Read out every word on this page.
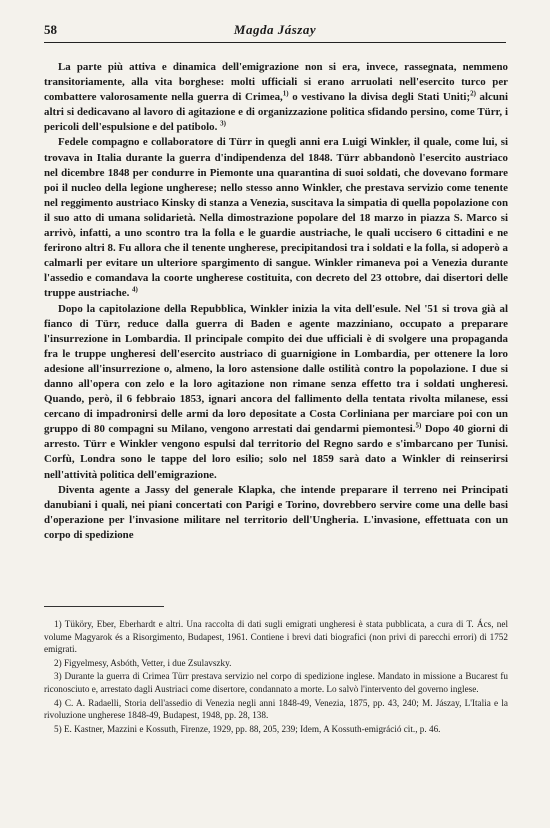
58	Magda Jászay

La parte più attiva e dinamica dell'emigrazione non si era, invece, rassegnata, nemmeno transitoriamente, alla vita borghese: molti ufficiali si erano arruolati nell'esercito turco per combattere valorosamente nella guerra di Crimea,$^{1)}$ o vestivano la divisa degli Stati Uniti;$^{2)}$ alcuni altri si dedicavano al lavoro di agitazione e di organizzazione politica sfidando persino, come Türr, i pericoli dell'espulsione e del patibolo. $^{3)}$

Fedele compagno e collaboratore di Türr in quegli anni era Luigi Winkler, il quale, come lui, si trovava in Italia durante la guerra d'indipendenza del 1848. Türr abbandonò l'esercito austriaco nel dicembre 1848 per condurre in Piemonte una quarantina di suoi soldati, che dovevano formare poi il nucleo della legione ungherese; nello stesso anno Winkler, che prestava servizio come tenente nel reggimento austriaco Kinsky di stanza a Venezia, suscitava la simpatia di quella popolazione con il suo atto di umana solidarietà. Nella dimostrazione popolare del 18 marzo in piazza S. Marco si arrivò, infatti, a uno scontro tra la folla e le guardie austriache, le quali uccisero 6 cittadini e ne ferirono altri 8. Fu allora che il tenente ungherese, precipitandosi tra i soldati e la folla, si adoperò a calmarli per evitare un ulteriore spargimento di sangue. Winkler rimaneva poi a Venezia durante l'assedio e comandava la coorte ungherese costituita, con decreto del 23 ottobre, dai disertori delle truppe austriache. $^{4)}$

Dopo la capitolazione della Repubblica, Winkler inizia la vita dell'esule. Nel '51 si trova già al fianco di Türr, reduce dalla guerra di Baden e agente mazziniano, occupato a preparare l'insurrezione in Lombardia. Il principale compito dei due ufficiali è di svolgere una propaganda fra le truppe ungheresi dell'esercito austriaco di guarnigione in Lombardia, per ottenere la loro adesione all'insurrezione o, almeno, la loro astensione dalle ostilità contro la popolazione. I due si danno all'opera con zelo e la loro agitazione non rimane senza effetto tra i soldati ungheresi. Quando, però, il 6 febbraio 1853, ignari ancora del fallimento della tentata rivolta milanese, essi cercano di impadronirsi delle armi da loro depositate a Costa Corliniana per marciare poi con un gruppo di 80 compagni su Milano, vengono arrestati dai gendarmi piemontesi.$^{5)}$ Dopo 40 giorni di arresto. Türr e Winkler vengono espulsi dal territorio del Regno sardo e s'imbarcano per Tunisi. Corfù, Londra sono le tappe del loro esilio; solo nel 1859 sarà dato a Winkler di reinserirsi nell'attività politica dell'emigrazione.

Diventa agente a Jassy del generale Klapka, che intende preparare il terreno nei Principati danubiani i quali, nei piani concertati con Parigi e Torino, dovrebbero servire come una delle basi d'operazione per l'invasione militare nel territorio dell'Ungheria. L'invasione, effettuata con un corpo di spedizione

1) Tüköry, Eber, Eberhardt e altri. Una raccolta di dati sugli emigrati ungheresi è stata pubblicata, a cura di T. Ács, nel volume Magyarok és a Risorgimento, Budapest, 1961. Contiene i brevi dati biografici (non privi di parecchi errori) di 1752 emigrati.

2) Figyelmesy, Asbóth, Vetter, i due Zsulavszky.

3) Durante la guerra di Crimea Türr prestava servizio nel corpo di spedizione inglese. Mandato in missione a Bucarest fu riconosciuto e, arrestato dagli Austriaci come disertore, condannato a morte. Lo salvò l'intervento del governo inglese.

4) C. A. Radaelli, Storia dell'assedio di Venezia negli anni 1848-49, Venezia, 1875, pp. 43, 240; M. Jászay, L'Italia e la rivoluzione ungherese 1848-49, Budapest, 1948, pp. 28, 138.

5) E. Kastner, Mazzini e Kossuth, Firenze, 1929, pp. 88, 205, 239; Idem, A Kossuth-emigráció cit., p. 46.
